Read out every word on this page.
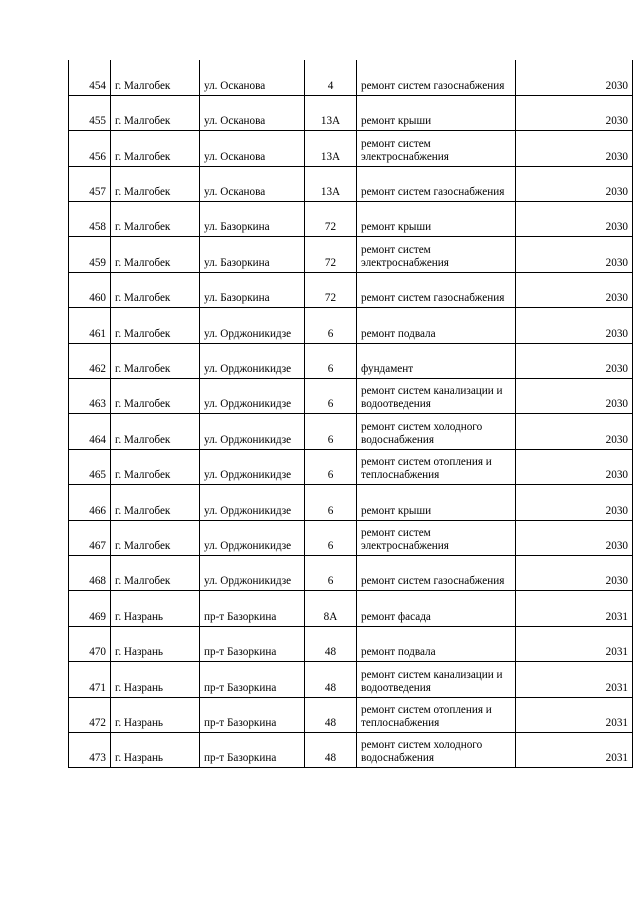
454	г. Малгобек	ул. Осканова	4	ремонт систем газоснабжения	2030
455	г. Малгобек	ул. Осканова	13А	ремонт крыши	2030
456	г. Малгобек	ул. Осканова	13А	ремонт систем электроснабжения	2030
457	г. Малгобек	ул. Осканова	13А	ремонт систем газоснабжения	2030
458	г. Малгобек	ул. Базоркина	72	ремонт крыши	2030
459	г. Малгобек	ул. Базоркина	72	ремонт систем электроснабжения	2030
460	г. Малгобек	ул. Базоркина	72	ремонт систем газоснабжения	2030
461	г. Малгобек	ул. Орджоникидзе	6	ремонт подвала	2030
462	г. Малгобек	ул. Орджоникидзе	6	фундамент	2030
463	г. Малгобек	ул. Орджоникидзе	6	ремонт систем канализации и водоотведения	2030
464	г. Малгобек	ул. Орджоникидзе	6	ремонт систем холодного водоснабжения	2030
465	г. Малгобек	ул. Орджоникидзе	6	ремонт систем отопления и теплоснабжения	2030
466	г. Малгобек	ул. Орджоникидзе	6	ремонт крыши	2030
467	г. Малгобек	ул. Орджоникидзе	6	ремонт систем электроснабжения	2030
468	г. Малгобек	ул. Орджоникидзе	6	ремонт систем газоснабжения	2030
469	г. Назрань	пр-т Базоркина	8А	ремонт фасада	2031
470	г. Назрань	пр-т Базоркина	48	ремонт подвала	2031
471	г. Назрань	пр-т Базоркина	48	ремонт систем канализации и водоотведения	2031
472	г. Назрань	пр-т Базоркина	48	ремонт систем отопления и теплоснабжения	2031
473	г. Назрань	пр-т Базоркина	48	ремонт систем холодного водоснабжения	2031
